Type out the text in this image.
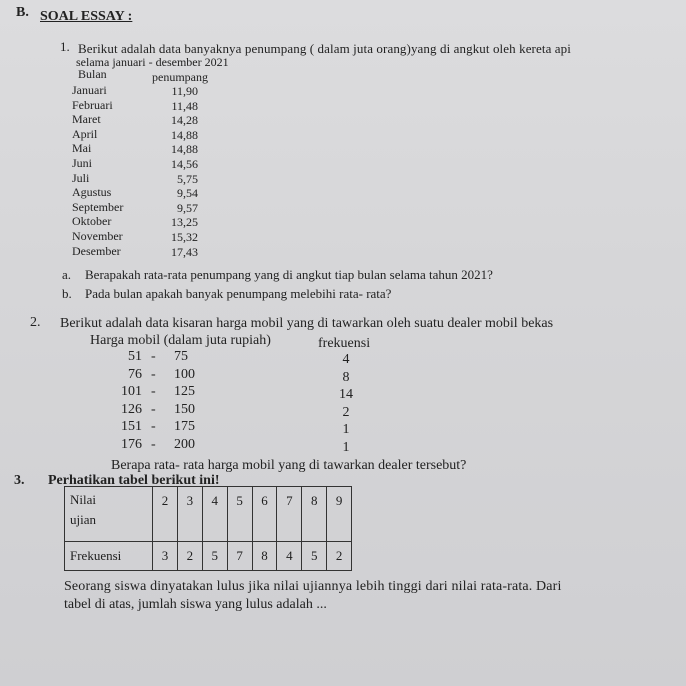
B. SOAL ESSAY :
1. Berikut adalah data banyaknya penumpang ( dalam juta orang)yang di angkut oleh kereta api
selama januari - desember 2021
Bulan	penumpang
Januari	11,90
Februari	11,48
Maret	14,28
April	14,88
Mai	14,88
Juni	14,56
Juli	5,75
Agustus	9,54
September	9,57
Oktober	13,25
November	15,32
Desember	17,43
a. Berapakah rata-rata penumpang yang di angkut tiap bulan selama tahun 2021?
b. Pada bulan apakah banyak penumpang melebihi rata- rata?
2. Berikut adalah data kisaran harga mobil yang di tawarkan oleh suatu dealer mobil bekas
Harga mobil (dalam juta rupiah)	frekuensi
51 - 75	4
76 - 100	8
101 - 125	14
126 - 150	2
151 - 175	1
176 - 200	1
Berapa rata- rata harga mobil yang di tawarkan dealer tersebut?
3. Perhatikan tabel berikut ini!
Nilai
ujian	2	3	4	5	6	7	8	9
Frekuensi	3	2	5	7	8	4	5	2
Seorang siswa dinyatakan lulus jika nilai ujiannya lebih tinggi dari nilai rata-rata. Dari
tabel di atas, jumlah siswa yang lulus adalah ...
